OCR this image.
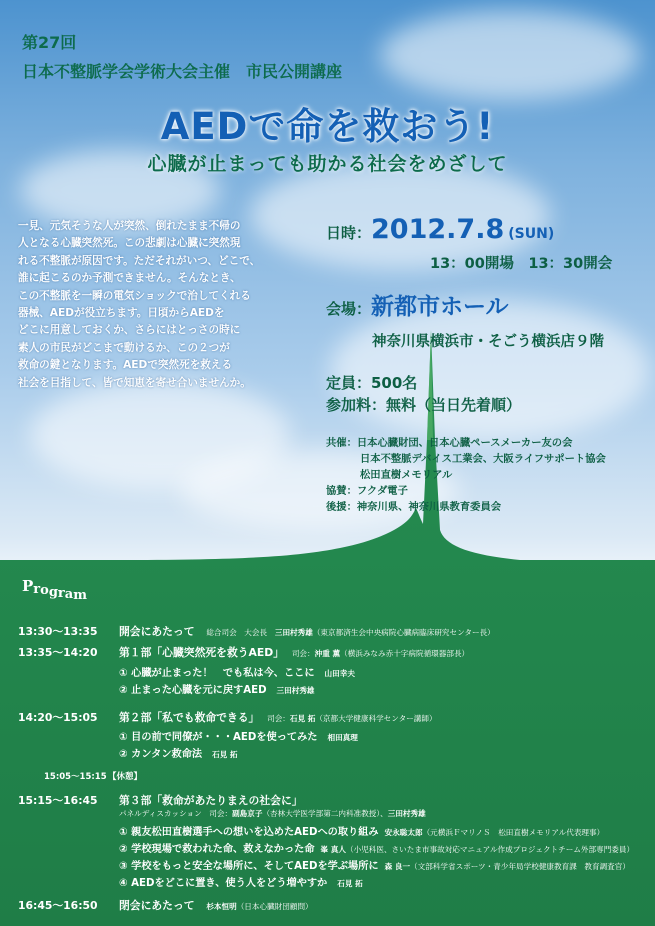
第27回
日本不整脈学会学術大会主催　市民公開講座
AEDで命を救おう!
心臓が止まっても助かる社会をめざして
一見、元気そうな人が突然、倒れたまま不帰の
人となる心臓突然死。この悲劇は心臓に突然現
れる不整脈が原因です。ただそれがいつ、どこで、
誰に起こるのか予測できません。そんなとき、
この不整脈を一瞬の電気ショックで治してくれる
器械、AEDが役立ちます。日頃からAEDを
どこに用意しておくか、さらにはとっさの時に
素人の市民がどこまで動けるか、この２つが
救命の鍵となります。AEDで突然死を救える
社会を目指して、皆で知恵を寄せ合いませんか。
日時：2012.7.8 (SUN)
13：00開場　13：30開会
会場：新都市ホール
神奈川県横浜市・そごう横浜店９階
定員：500名
参加料：無料（当日先着順）
共催：日本心臓財団、日本心臓ペースメーカー友の会
日本不整脈デバイス工業会、大阪ライフサポート協会
松田直樹メモリアル
協賛：フクダ電子
後援：神奈川県、神奈川県教育委員会
Program
13:30～13:35 開会にあたって 総合司会　大会長 三田村秀雄（東京都済生会中央病院心臓病臨床研究センター長）
13:35～14:20 第１部「心臓突然死を救うAED」 司会：沖重 薫（横浜みなみ赤十字病院循環器部長）
① 心臓が止まった！　でも私は今、ここに 山田幸夫
② 止まった心臓を元に戻すAED 三田村秀雄
14:20～15:05 第２部「私でも救命できる」 司会：石見 拓（京都大学健康科学センター講師）
① 目の前で同僚が・・・AEDを使ってみた 相田真理
② カンタン救命法 石見 拓
15:05～15:15【休憩】
15:15～16:45 第３部「救命があたりまえの社会に」
パネルディスカッション　司会：副島京子（杏林大学医学部第二内科准教授）、三田村秀雄
① 親友松田直樹選手への想いを込めたAEDへの取り組み 安永聡太郎（元横浜ＦマリノＳ　松田直樹メモリアル代表理事）
② 学校現場で救われた命、救えなかった命 峯 真人（小児科医、さいたま市事故対応マニュアル作成プロジェクトチーム外部専門委員）
③ 学校をもっと安全な場所に、そしてAEDを学ぶ場所に 森 良一（文部科学省スポーツ・青少年局学校健康教育課　教育調査官）
④ AEDをどこに置き、使う人をどう増やすか 石見 拓
16:45～16:50 閉会にあたって 杉本恒明（日本心臓財団顧問）
